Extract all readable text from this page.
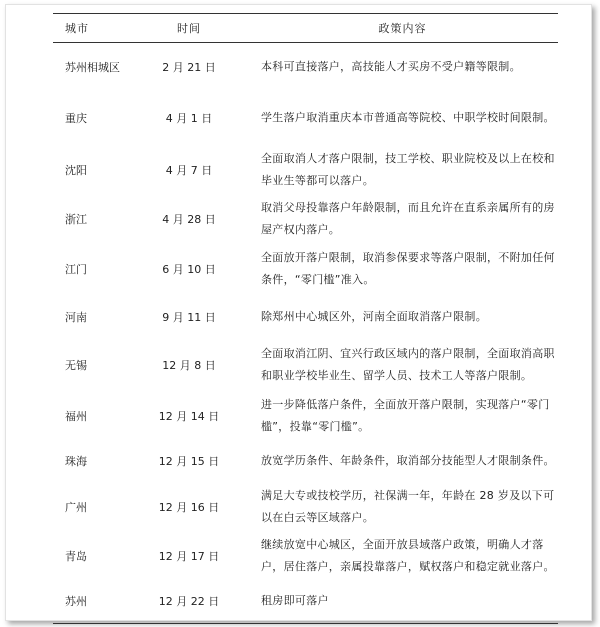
城市	时间	政策内容
苏州相城区	2 月 21 日	本科可直接落户，高技能人才买房不受户籍等限制。
重庆	4 月 1 日	学生落户取消重庆本市普通高等院校、中职学校时间限制。
沈阳	4 月 7 日	全面取消人才落户限制，技工学校、职业院校及以上在校和毕业生等都可以落户。
浙江	4 月 28 日	取消父母投靠落户年龄限制，而且允许在直系亲属所有的房屋产权内落户。
江门	6 月 10 日	全面放开落户限制，取消参保要求等落户限制，不附加任何条件，“零门槛”准入。
河南	9 月 11 日	除郑州中心城区外，河南全面取消落户限制。
无锡	12 月 8 日	全面取消江阴、宜兴行政区域内的落户限制，全面取消高职和职业学校毕业生、留学人员、技术工人等落户限制。
福州	12 月 14 日	进一步降低落户条件，全面放开落户限制，实现落户“零门槛”，投靠“零门槛”。
珠海	12 月 15 日	放宽学历条件、年龄条件，取消部分技能型人才限制条件。
广州	12 月 16 日	满足大专或技校学历，社保满一年，年龄在 28 岁及以下可以在白云等区域落户。
青岛	12 月 17 日	继续放宽中心城区，全面开放县域落户政策，明确人才落户，居住落户，亲属投靠落户，赋权落户和稳定就业落户。
苏州	12 月 22 日	租房即可落户
